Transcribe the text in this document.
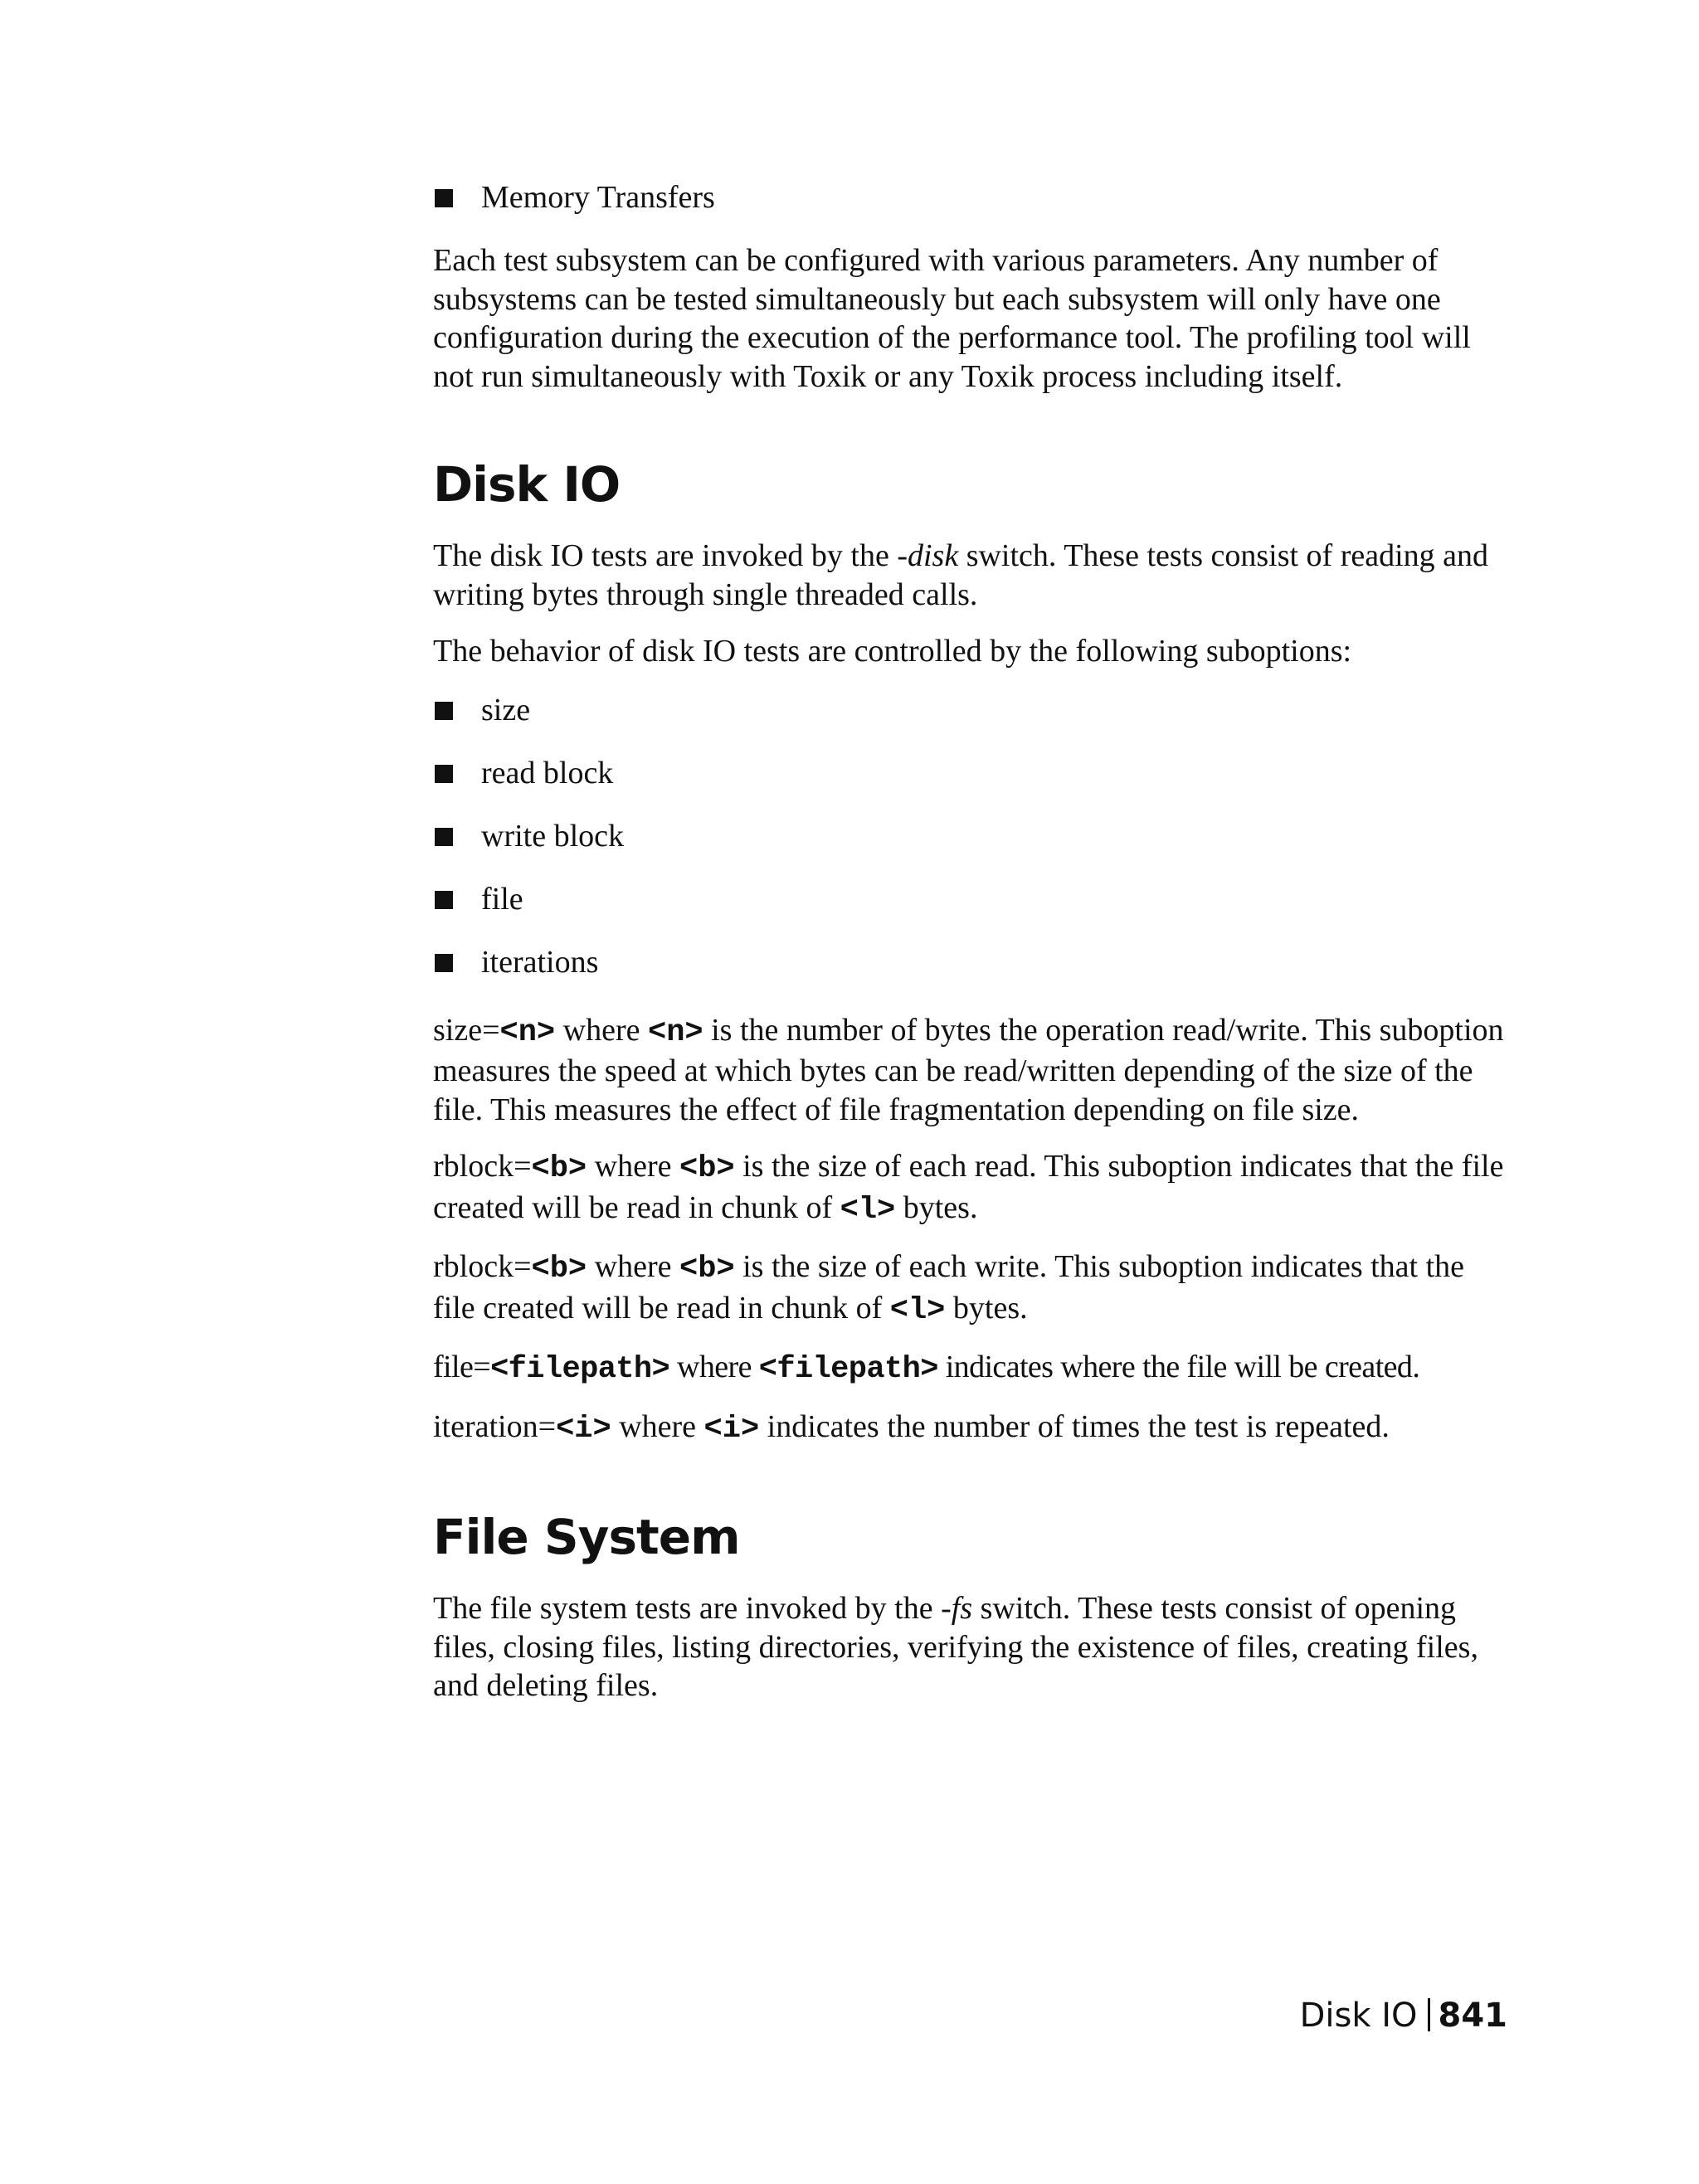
Memory Transfers

Each test subsystem can be configured with various parameters. Any number of subsystems can be tested simultaneously but each subsystem will only have one configuration during the execution of the performance tool. The profiling tool will not run simultaneously with Toxik or any Toxik process including itself.

Disk IO

The disk IO tests are invoked by the -disk switch. These tests consist of reading and writing bytes through single threaded calls.

The behavior of disk IO tests are controlled by the following suboptions:

size
read block
write block
file
iterations

size=<n> where <n> is the number of bytes the operation read/write. This suboption measures the speed at which bytes can be read/written depending of the size of the file. This measures the effect of file fragmentation depending on file size.

rblock=<b> where <b> is the size of each read. This suboption indicates that the file created will be read in chunk of <l> bytes.

rblock=<b> where <b> is the size of each write. This suboption indicates that the file created will be read in chunk of <l> bytes.

file=<filepath> where <filepath> indicates where the file will be created.

iteration=<i> where <i> indicates the number of times the test is repeated.

File System

The file system tests are invoked by the -fs switch. These tests consist of opening files, closing files, listing directories, verifying the existence of files, creating files, and deleting files.

Disk IO 841
